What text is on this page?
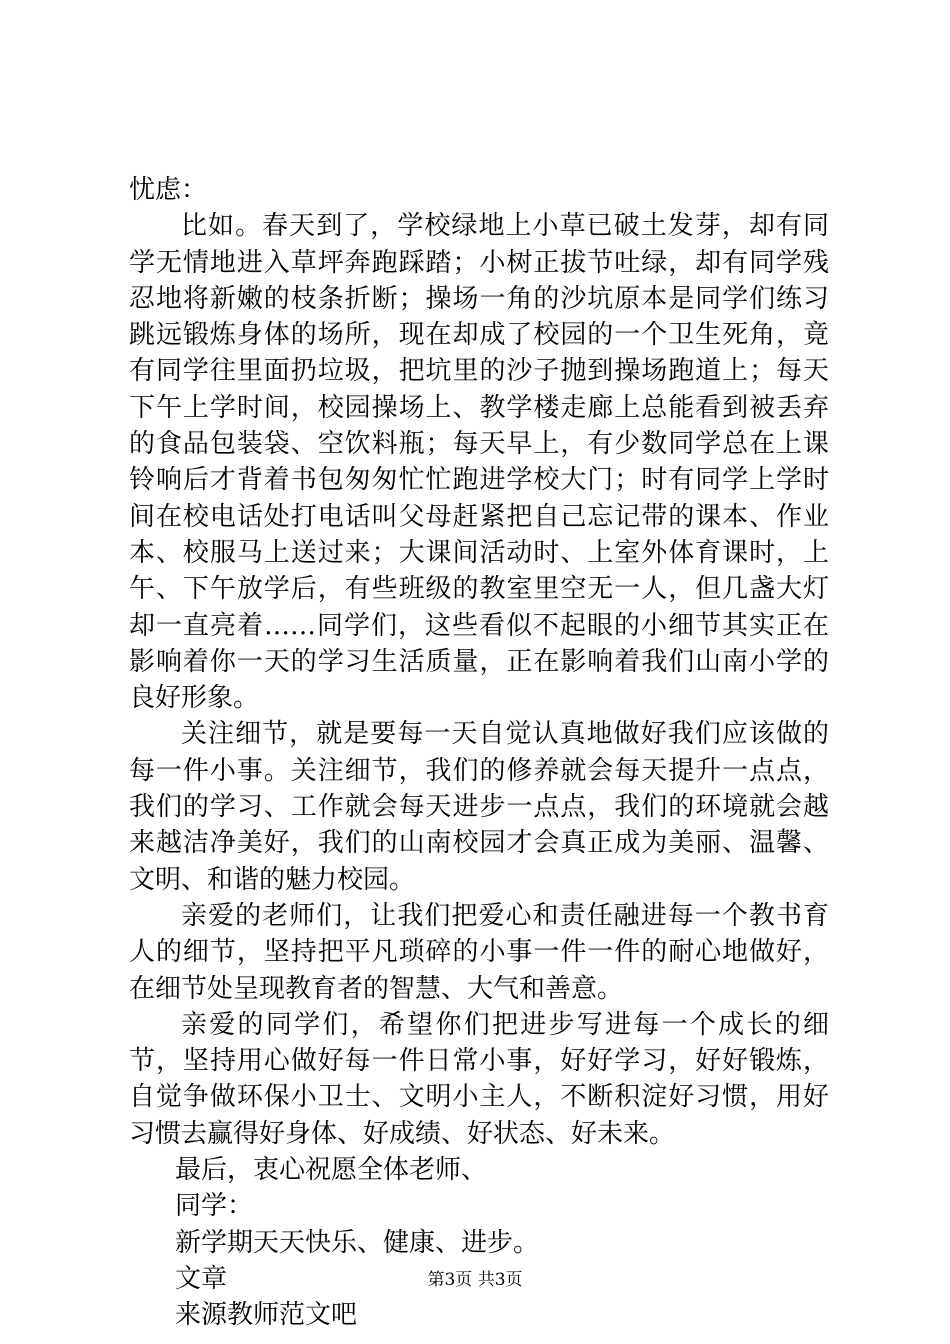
忧虑：

比如。春天到了，学校绿地上小草已破土发芽，却有同学无情地进入草坪奔跑踩踏；小树正拔节吐绿，却有同学残忍地将新嫩的枝条折断；操场一角的沙坑原本是同学们练习跳远锻炼身体的场所，现在却成了校园的一个卫生死角，竟有同学往里面扔垃圾，把坑里的沙子抛到操场跑道上；每天下午上学时间，校园操场上、教学楼走廊上总能看到被丢弃的食品包装袋、空饮料瓶；每天早上，有少数同学总在上课铃响后才背着书包匆匆忙忙跑进学校大门；时有同学上学时间在校电话处打电话叫父母赶紧把自己忘记带的课本、作业本、校服马上送过来；大课间活动时、上室外体育课时，上午、下午放学后，有些班级的教室里空无一人，但几盏大灯却一直亮着……同学们，这些看似不起眼的小细节其实正在影响着你一天的学习生活质量，正在影响着我们山南小学的良好形象。

关注细节，就是要每一天自觉认真地做好我们应该做的每一件小事。关注细节，我们的修养就会每天提升一点点，我们的学习、工作就会每天进步一点点，我们的环境就会越来越洁净美好，我们的山南校园才会真正成为美丽、温馨、文明、和谐的魅力校园。

亲爱的老师们，让我们把爱心和责任融进每一个教书育人的细节，坚持把平凡琐碎的小事一件一件的耐心地做好，在细节处呈现教育者的智慧、大气和善意。

亲爱的同学们，希望你们把进步写进每一个成长的细节，坚持用心做好每一件日常小事，好好学习，好好锻炼，自觉争做环保小卫士、文明小主人，不断积淀好习惯，用好习惯去赢得好身体、好成绩、好状态、好未来。

最后，衷心祝愿全体老师、

同学：

新学期天天快乐、健康、进步。

文章

来源教师范文吧

第3页 共3页
